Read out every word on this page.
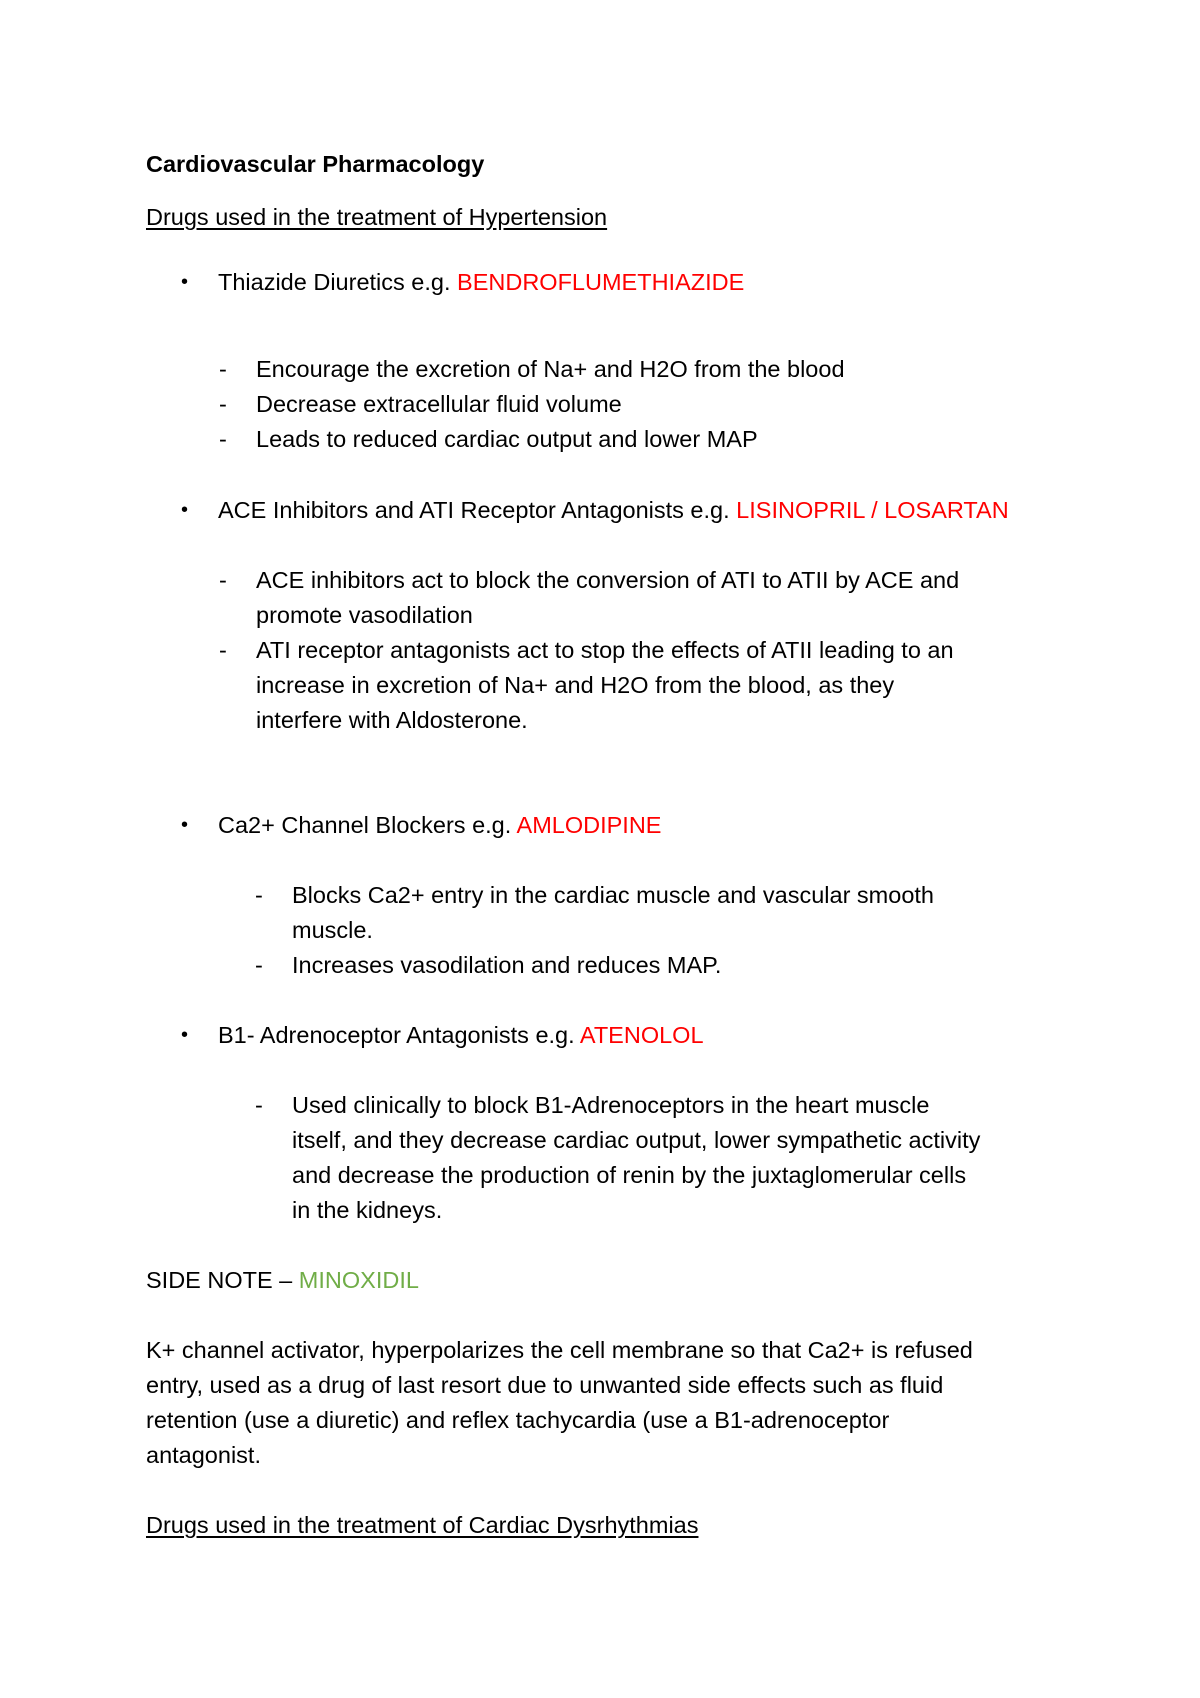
Cardiovascular Pharmacology
Drugs used in the treatment of Hypertension
• Thiazide Diuretics e.g. BENDROFLUMETHIAZIDE
- Encourage the excretion of Na+ and H2O from the blood
- Decrease extracellular fluid volume
- Leads to reduced cardiac output and lower MAP
• ACE Inhibitors and ATI Receptor Antagonists e.g. LISINOPRIL / LOSARTAN
- ACE inhibitors act to block the conversion of ATI to ATII by ACE and
promote vasodilation
- ATI receptor antagonists act to stop the effects of ATII leading to an
increase in excretion of Na+ and H2O from the blood, as they
interfere with Aldosterone.
• Ca2+ Channel Blockers e.g. AMLODIPINE
- Blocks Ca2+ entry in the cardiac muscle and vascular smooth
muscle.
- Increases vasodilation and reduces MAP.
• B1- Adrenoceptor Antagonists e.g. ATENOLOL
- Used clinically to block B1-Adrenoceptors in the heart muscle
itself, and they decrease cardiac output, lower sympathetic activity
and decrease the production of renin by the juxtaglomerular cells
in the kidneys.
SIDE NOTE – MINOXIDIL
K+ channel activator, hyperpolarizes the cell membrane so that Ca2+ is refused
entry, used as a drug of last resort due to unwanted side effects such as fluid
retention (use a diuretic) and reflex tachycardia (use a B1-adrenoceptor
antagonist.
Drugs used in the treatment of Cardiac Dysrhythmias
